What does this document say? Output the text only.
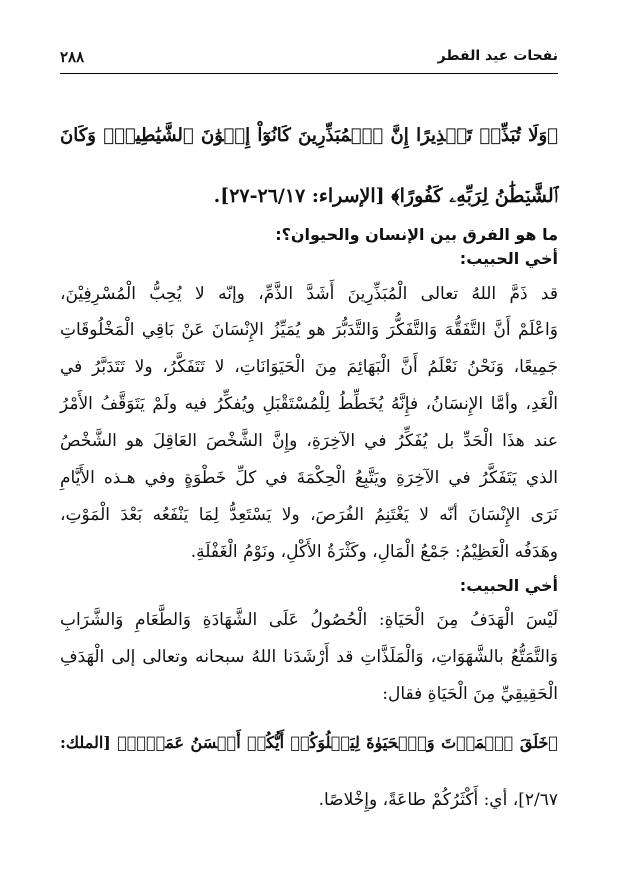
نفحات عيد الفطر
٢٨٨
﴿وَلَا تُبَذِّرۡ تَبۡذِيرًا إِنَّ ٱلۡمُبَذِّرِينَ كَانُوٓاْ إِخۡوَٰنَ ٱلشَّيَٰطِينِۖ وَكَانَ
ٱلشَّيۡطَٰنُ لِرَبِّهِۦ كَفُورًا﴾ [الإسراء: ٢٦/١٧-٢٧].
ما هو الفرق بين الإنسان والحيوان؟:
أخي الحبيب:
قد ذَمَّ اللهُ تعالى الْمُبَذِّرِينَ أَشَدَّ الذَّمِّ، وإنّه لا يُحِبُّ الْمُسْرِفِيْنَ،
وَاعْلَمْ أَنَّ التَّفَقُّهَ وَالتَّفَكُّرَ وَالتَّدَبُّرَ هو يُمَيِّزُ الإِنْسَانَ عَنْ بَاقِي الْمَخْلُوقَاتِ
جَمِيعًا، وَنَحْنُ نَعْلَمُ أَنَّ الْبَهَائِمَ مِنَ الْحَيَوَانَاتِ، لا تَتَفَكَّرُ، ولا تَتَدَبَّرُ في
الْغَدِ، وأمَّا الإِنسَانُ، فإِنَّهُ يُخَطِّطُ لِلْمُسْتَقْبَلِ ويُفكِّرُ فيه ولَمْ يَتَوَقَّفُ الأَمْرُ
عند هذَا الْحَدِّ بل يُفَكِّرُ في الآخِرَةِ، وإِنَّ الشَّخْصَ العَاقِلَ هو الشَّخْصُ
الذي يَتَفَكَّرُ في الآخِرَةِ ويَتَّبِعُ الْحِكْمَةَ في كلِّ خَطْوَةٍ وفي هـذه الأَيَّامِ
نَرَى الإِنْسَانَ أنّه لا يَغْتَنِمُ الفُرَصَ، ولا يَسْتَعِدُّ لِمَا يَنْفَعُه بَعْدَ الْمَوْتِ،
وهَدَفُه الْعَظِيْمُ: جَمْعُ الْمَالِ، وكَثْرَةُ الأَكْلِ، ونَوْمُ الْغَفْلَةِ.
أخي الحبيب:
لَيْسَ الْهَدَفُ مِنَ الْحَيَاةِ: الْحُصُولُ عَلَى الشَّهَادَةِ وَالطَّعَامِ وَالشَّرَابِ
وَالتَّمَتُّعُ بالشَّهَوَاتِ، وَالْمَلَذَّاتِ قد أَرْشَدَنا اللهُ سبحانه وتعالى إلى الْهَدَفِ
الْحَقِيقِيِّ مِنَ الْحَيَاةِ فقال:
﴿خَلَقَ ٱلۡمَوۡتَ وَٱلۡحَيَوٰةَ لِيَبۡلُوَكُمۡ أَيُّكُمۡ أَحۡسَنُ عَمَلٗاۚ﴾ [الملك:
٢/٦٧]، أي: أَكْثَرُكُمْ طاعَةً، وإِخْلاصًا.
